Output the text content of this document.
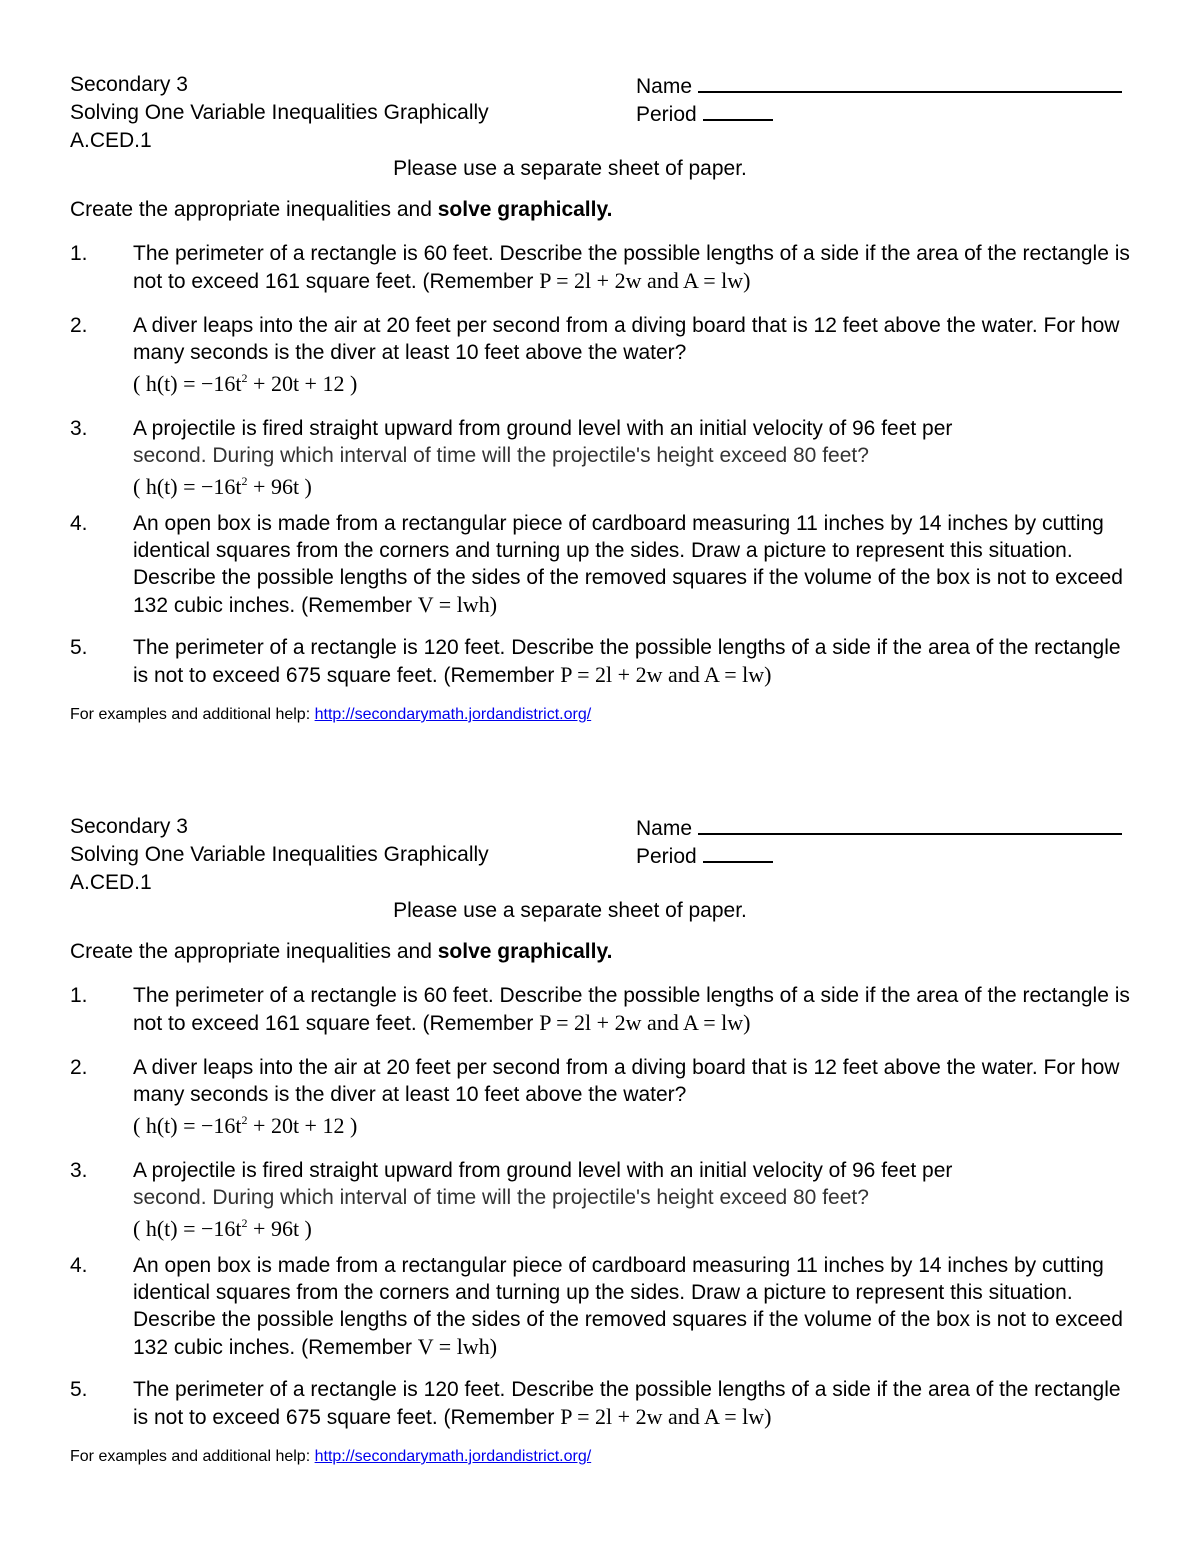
Secondary 3
Solving One Variable Inequalities Graphically
A.CED.1
Name
Period
Please use a separate sheet of paper.
Create the appropriate inequalities and solve graphically.
1. The perimeter of a rectangle is 60 feet. Describe the possible lengths of a side if the area of the rectangle is not to exceed 161 square feet. (Remember P = 2l + 2w and A = lw)
2. A diver leaps into the air at 20 feet per second from a diving board that is 12 feet above the water. For how many seconds is the diver at least 10 feet above the water?
( $h(t) = -16t^2 + 20t + 12$ )
3. A projectile is fired straight upward from ground level with an initial velocity of 96 feet per
second. During which interval of time will the projectile's height exceed 80 feet?
( $h(t) = -16t^2 + 96t$ )
4. An open box is made from a rectangular piece of cardboard measuring 11 inches by 14 inches by cutting identical squares from the corners and turning up the sides. Draw a picture to represent this situation. Describe the possible lengths of the sides of the removed squares if the volume of the box is not to exceed 132 cubic inches. (Remember V = lwh)
5. The perimeter of a rectangle is 120 feet. Describe the possible lengths of a side if the area of the rectangle is not to exceed 675 square feet. (Remember P = 2l + 2w and A = lw)
For examples and additional help: http://secondarymath.jordandistrict.org/
Secondary 3
Solving One Variable Inequalities Graphically
A.CED.1
Name
Period
Please use a separate sheet of paper.
Create the appropriate inequalities and solve graphically.
1. The perimeter of a rectangle is 60 feet. Describe the possible lengths of a side if the area of the rectangle is not to exceed 161 square feet. (Remember P = 2l + 2w and A = lw)
2. A diver leaps into the air at 20 feet per second from a diving board that is 12 feet above the water. For how many seconds is the diver at least 10 feet above the water?
( $h(t) = -16t^2 + 20t + 12$ )
3. A projectile is fired straight upward from ground level with an initial velocity of 96 feet per
second. During which interval of time will the projectile's height exceed 80 feet?
( $h(t) = -16t^2 + 96t$ )
4. An open box is made from a rectangular piece of cardboard measuring 11 inches by 14 inches by cutting identical squares from the corners and turning up the sides. Draw a picture to represent this situation. Describe the possible lengths of the sides of the removed squares if the volume of the box is not to exceed 132 cubic inches. (Remember V = lwh)
5. The perimeter of a rectangle is 120 feet. Describe the possible lengths of a side if the area of the rectangle is not to exceed 675 square feet. (Remember P = 2l + 2w and A = lw)
For examples and additional help: http://secondarymath.jordandistrict.org/
